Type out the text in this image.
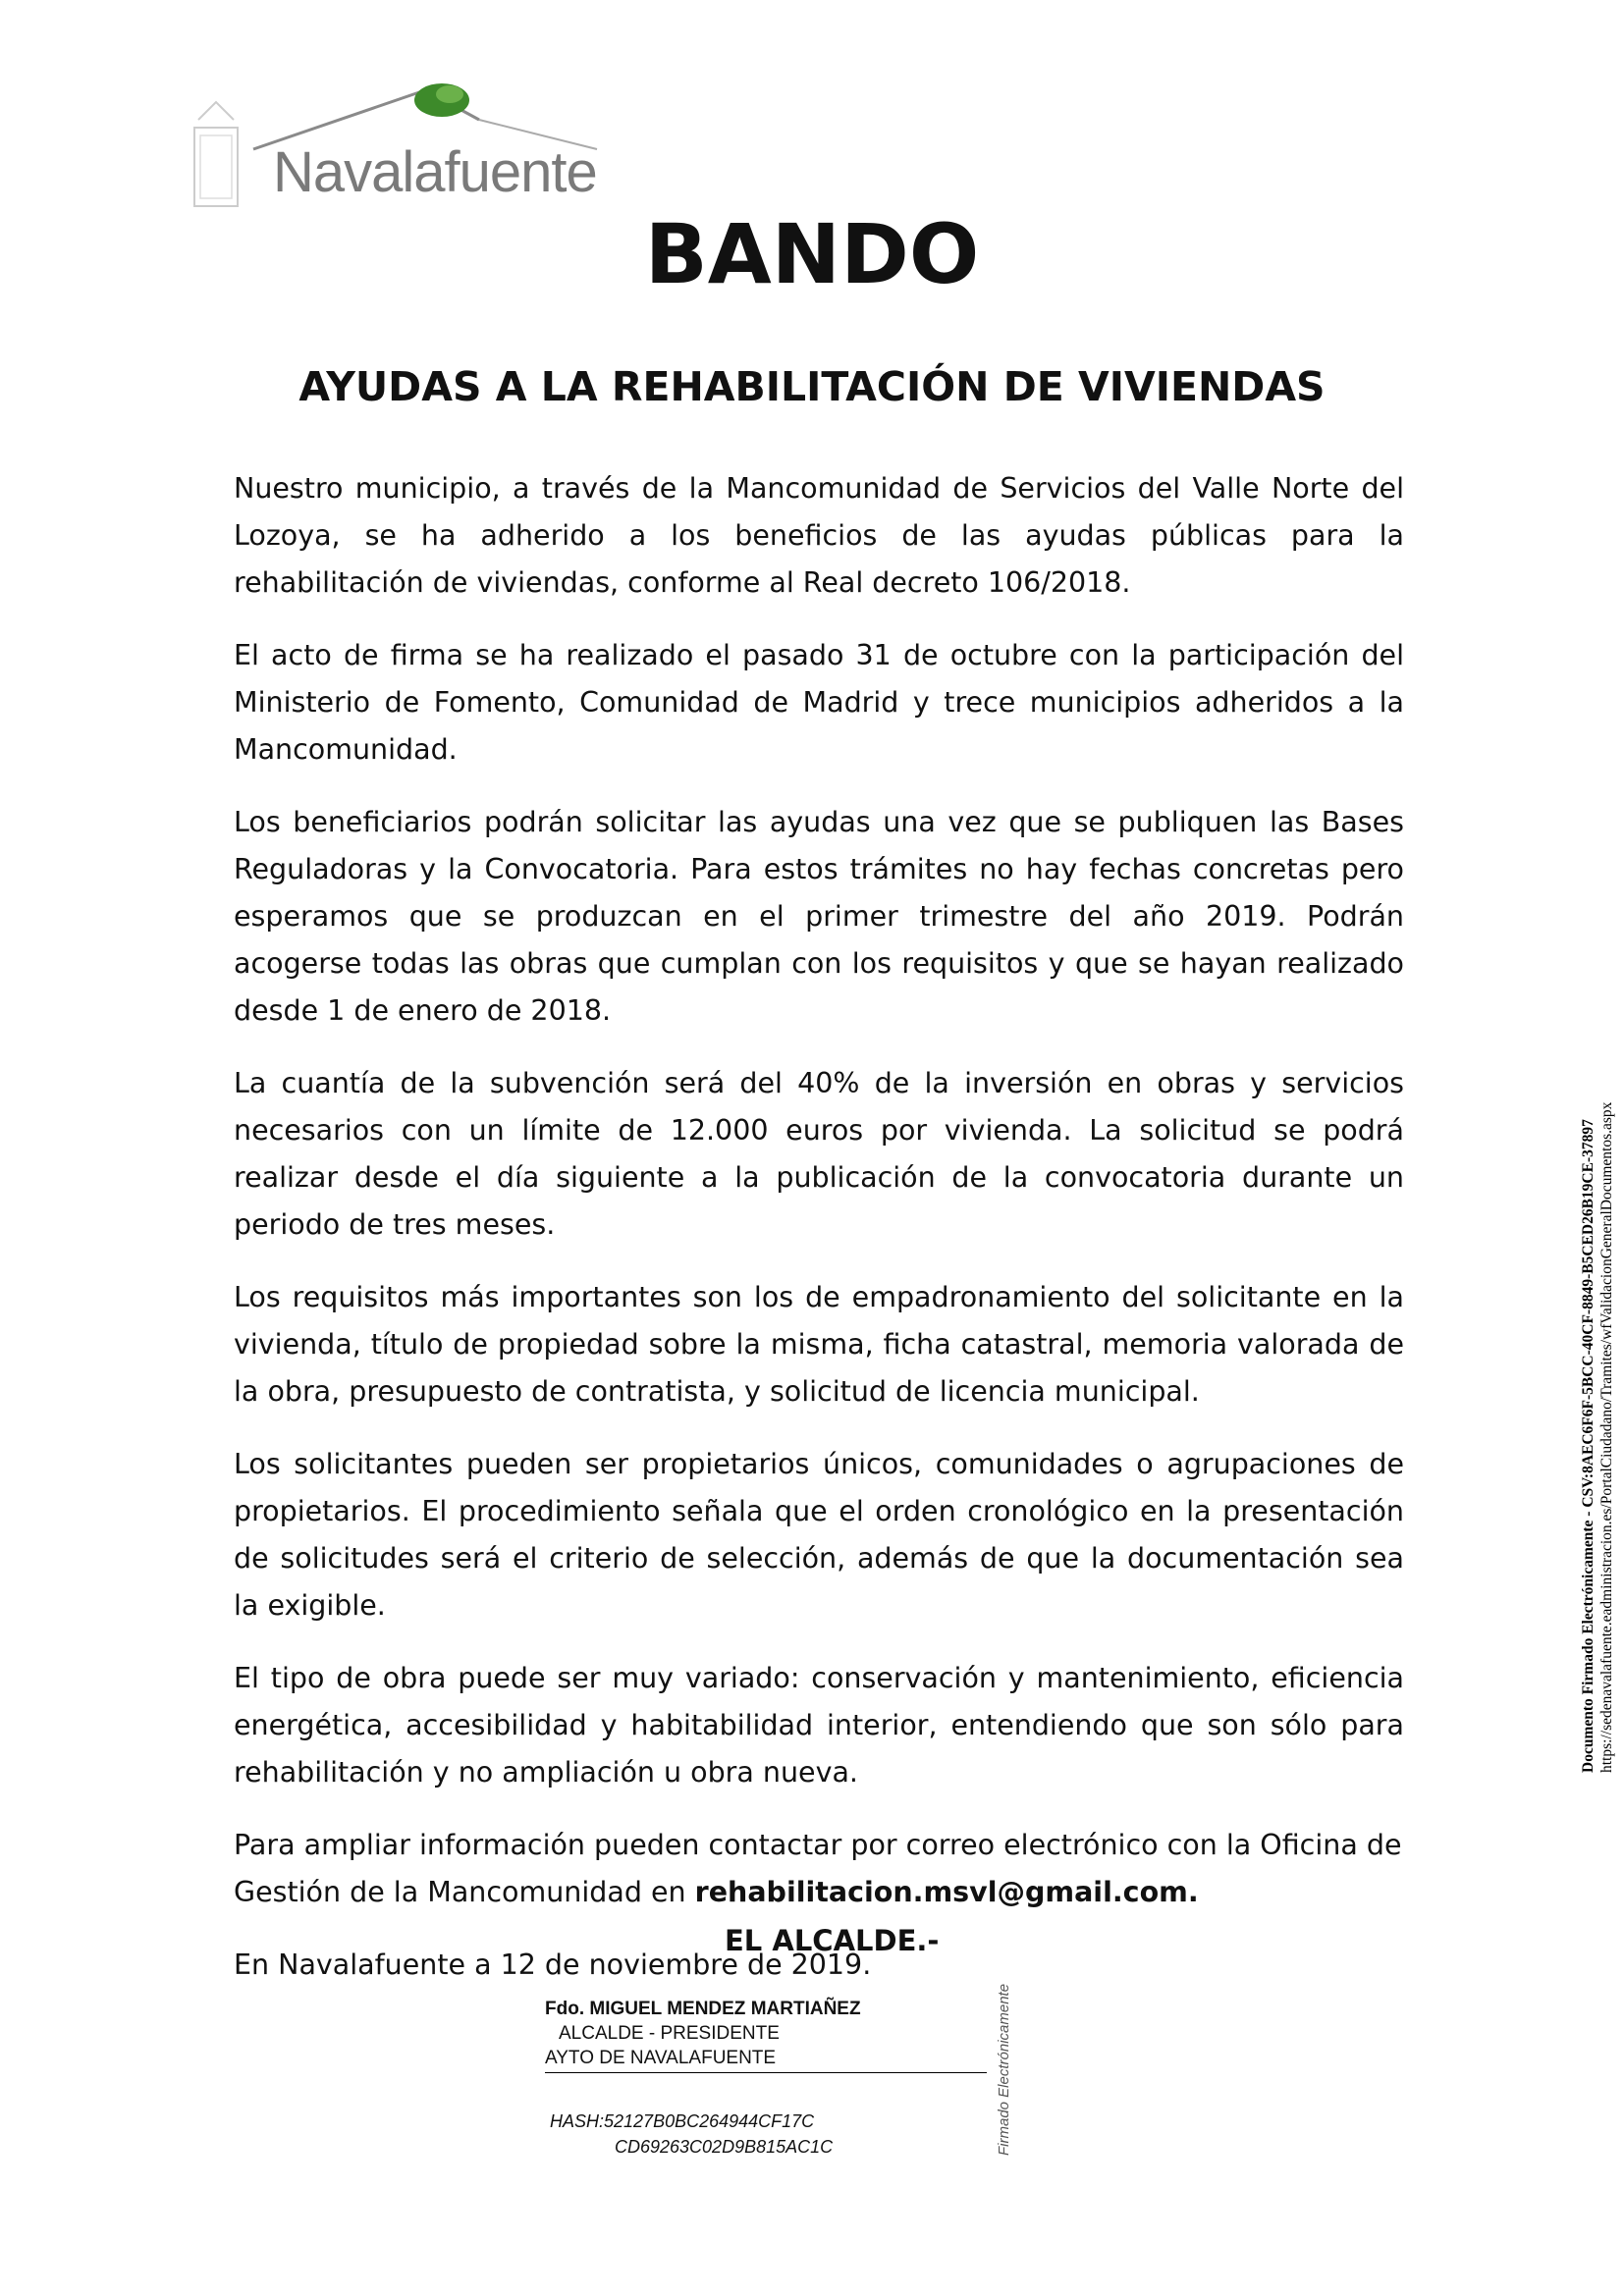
Navalafuente
BANDO
AYUDAS A LA REHABILITACIÓN DE VIVIENDAS

Nuestro municipio, a través de la Mancomunidad de Servicios del Valle Norte del Lozoya, se ha adherido a los beneficios de las ayudas públicas para la rehabilitación de viviendas, conforme al Real decreto 106/2018.

El acto de firma se ha realizado el pasado 31 de octubre con la participación del Ministerio de Fomento, Comunidad de Madrid y trece municipios adheridos a la Mancomunidad.

Los beneficiarios podrán solicitar las ayudas una vez que se publiquen las Bases Reguladoras y la Convocatoria. Para estos trámites no hay fechas concretas pero esperamos que se produzcan en el primer trimestre del año 2019. Podrán acogerse todas las obras que cumplan con los requisitos y que se hayan realizado desde 1 de enero de 2018.

La cuantía de la subvención será del 40% de la inversión en obras y servicios necesarios con un límite de 12.000 euros por vivienda. La solicitud se podrá realizar desde el día siguiente a la publicación de la convocatoria durante un periodo de tres meses.

Los requisitos más importantes son los de empadronamiento del solicitante en la vivienda, título de propiedad sobre la misma, ficha catastral, memoria valorada de la obra, presupuesto de contratista, y solicitud de licencia municipal.

Los solicitantes pueden ser propietarios únicos, comunidades o agrupaciones de propietarios. El procedimiento señala que el orden cronológico en la presentación de solicitudes será el criterio de selección, además de que la documentación sea la exigible.

El tipo de obra puede ser muy variado: conservación y mantenimiento, eficiencia energética, accesibilidad y habitabilidad interior, entendiendo que son sólo para rehabilitación y no ampliación u obra nueva.

Para ampliar información pueden contactar por correo electrónico con la Oficina de Gestión de la Mancomunidad en rehabilitacion.msvl@gmail.com.

En Navalafuente a 12 de noviembre de 2019.

EL ALCALDE.-
Fdo. MIGUEL MENDEZ MARTIAÑEZ
ALCALDE - PRESIDENTE
AYTO DE NAVALAFUENTE
HASH:52127B0BC264944CF17C
CD69263C02D9B815AC1C	Firmado Electrónicamente
Documento Firmado Electrónicamente - CSV:8AEC6F6F-5BCC-40CF-8849-B5CED26B19CE-37897 https://sedenavalafuente.eadministracion.es/PortalCiudadano/Tramites/wfValidacionGeneralDocumentos.aspx
